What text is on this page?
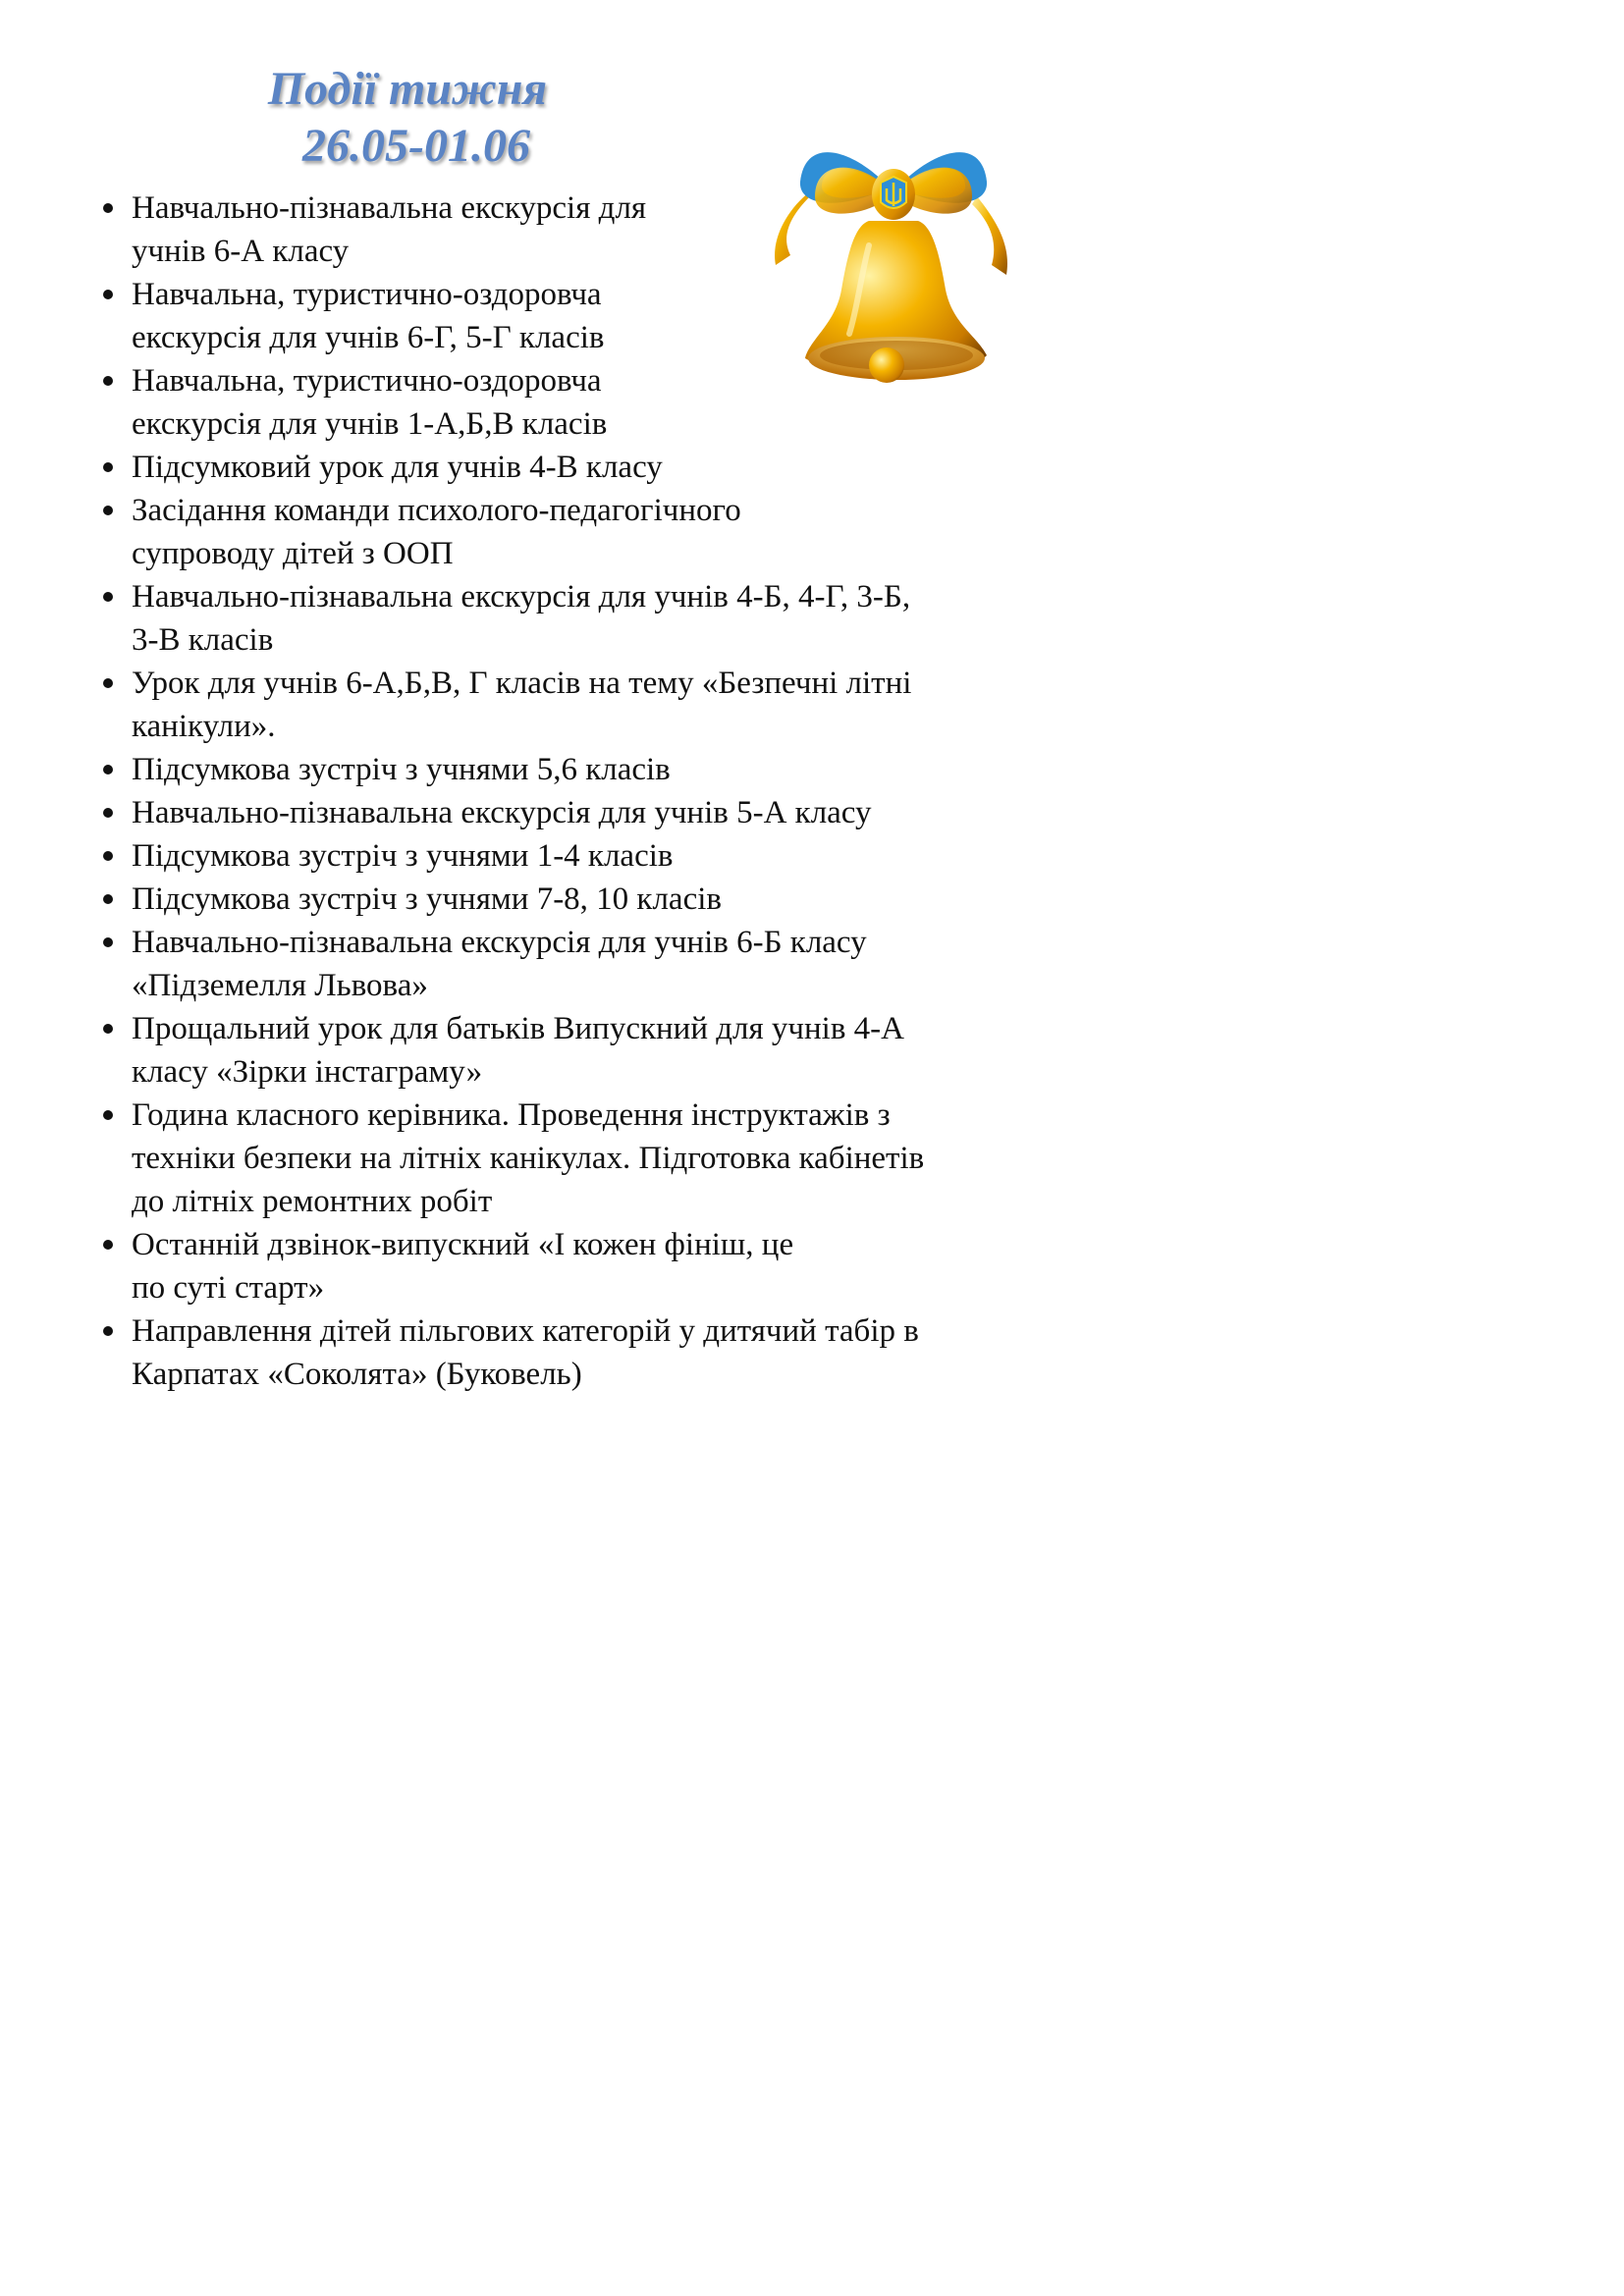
Події тижня
26.05-01.06
Навчально-пізнавальна екскурсія для
учнів 6-А класу
Навчальна, туристично-оздоровча
екскурсія для учнів 6-Г, 5-Г класів
Навчальна, туристично-оздоровча
екскурсія для учнів 1-А,Б,В класів
Підсумковий урок для учнів 4-В класу
Засідання команди психолого-педагогічного
супроводу дітей з ООП
Навчально-пізнавальна екскурсія для учнів 4-Б, 4-Г, 3-Б,
3-В класів
Урок для учнів 6-А,Б,В, Г класів на тему «Безпечні літні
канікули».
Підсумкова зустріч з учнями 5,6 класів
Навчально-пізнавальна екскурсія для учнів 5-А класу
Підсумкова зустріч з учнями 1-4 класів
Підсумкова зустріч з учнями 7-8, 10 класів
Навчально-пізнавальна екскурсія для учнів 6-Б класу
«Підземелля Львова»
Прощальний урок для батьків Випускний для учнів 4-А
класу «Зірки інстаграму»
Година класного керівника. Проведення інструктажів з
техніки безпеки на літніх канікулах. Підготовка кабінетів
до літніх ремонтних робіт
Останній дзвінок-випускний «І кожен фініш, це
по суті старт»
Направлення дітей пільгових категорій у дитячий табір в
Карпатах «Соколята» (Буковель)
